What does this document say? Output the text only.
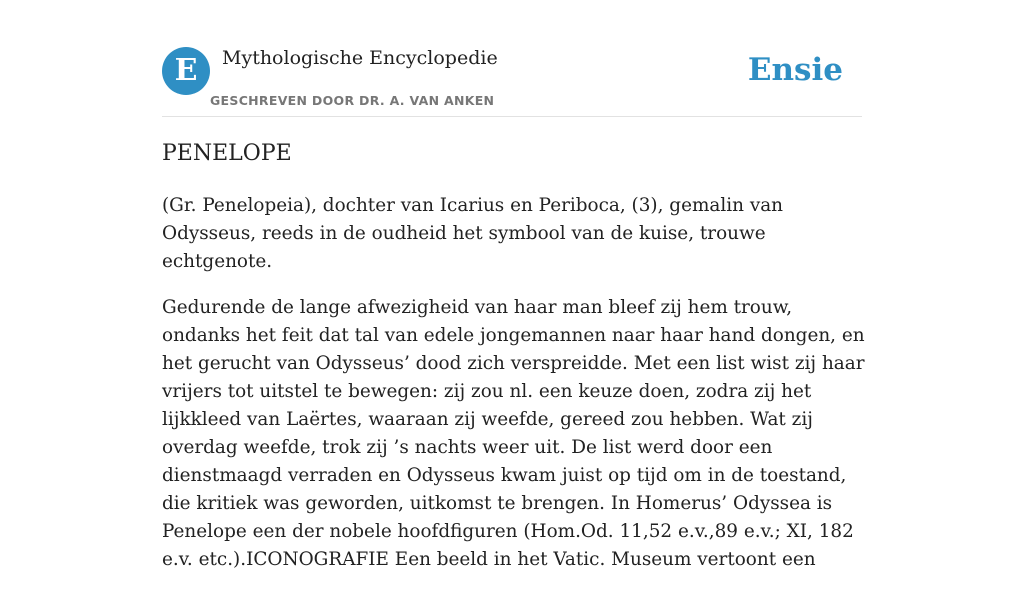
E	Mythologische Encyclopedie
GESCHREVEN DOOR DR. A. VAN ANKEN
Ensie
PENELOPE

(Gr. Penelopeia), dochter van Icarius en Periboca, (3), gemalin van Odysseus, reeds in de oudheid het symbool van de kuise, trouwe echtgenote.

Gedurende de lange afwezigheid van haar man bleef zij hem trouw, ondanks het feit dat tal van edele jongemannen naar haar hand dongen, en het gerucht van Odysseus’ dood zich verspreidde. Met een list wist zij haar vrijers tot uitstel te bewegen: zij zou nl. een keuze doen, zodra zij het lijkkleed van Laërtes, waaraan zij weefde, gereed zou hebben. Wat zij overdag weefde, trok zij ’s nachts weer uit. De list werd door een dienstmaagd verraden en Odysseus kwam juist op tijd om in de toestand, die kritiek was geworden, uitkomst te brengen. In Homerus’ Odyssea is Penelope een der nobele hoofdfiguren (Hom.Od. 11,52 e.v.,89 e.v.; XI, 182 e.v. etc.).ICONOGRAFIE Een beeld in het Vatic. Museum vertoont een
